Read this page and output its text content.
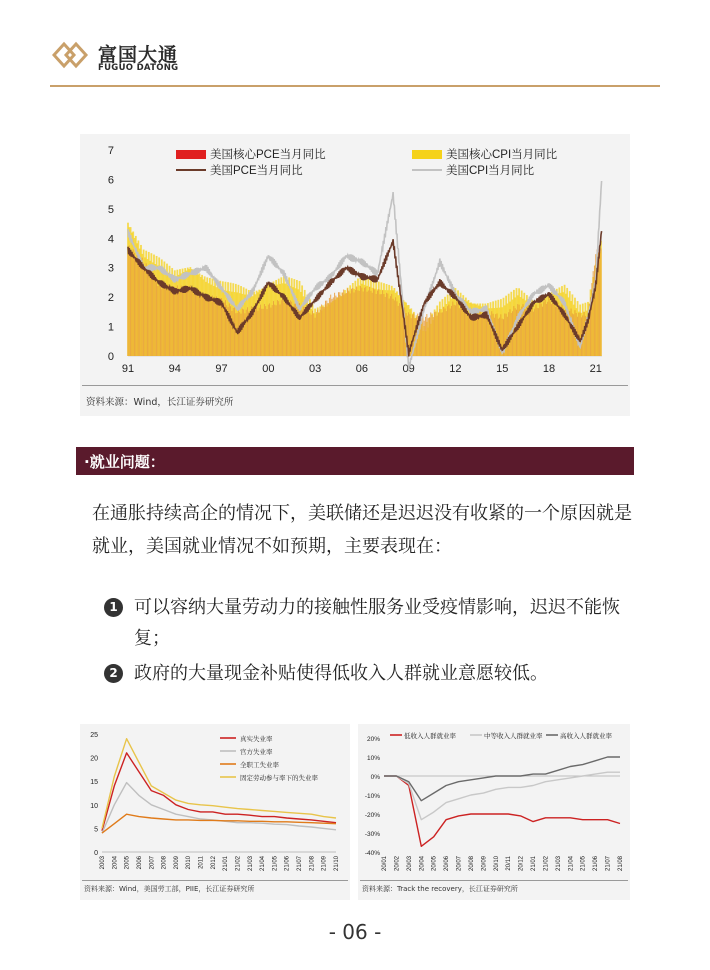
富国大通
FUGUO DATONG
0
1
2
3
4
5
6
7
91	94	97	00	03	06	09	12	15	18	21
美国核心PCE当月同比
美国PCE当月同比
美国核心CPI当月同比
美国CPI当月同比
资料来源：Wind，长江证券研究所
·就业问题：
在通胀持续高企的情况下，美联储还是迟迟没有收紧的一个原因就是就业，美国就业情况不如预期，主要表现在：
1 可以容纳大量劳动力的接触性服务业受疫情影响，迟迟不能恢复；
2 政府的大量现金补贴使得低收入人群就业意愿较低。
0
5
10
15
20
25
2003 2004 2005 2006 2007 2008 2009 2010 2011 2012 21/01 21/02 21/03 21/04 21/05 21/06 21/07 21/08 21/09 21/10
真实失业率
官方失业率
全职工失业率
固定劳动参与率下的失业率
资料来源：Wind，美国劳工部，PIIE，长江证券研究所
20%
10%
0%
-10%
-20%
-30%
-40%
20/01 20/02 20/03 20/04 20/05 20/06 20/07 20/08 20/09 20/10 20/11 20/12 21/01 21/02 21/03 21/04 21/05 21/06 21/07 21/08
低收入人群就业率	中等收入人群就业率	高收入人群就业率
资料来源：Track the recovery，长江证券研究所
- 06 -
